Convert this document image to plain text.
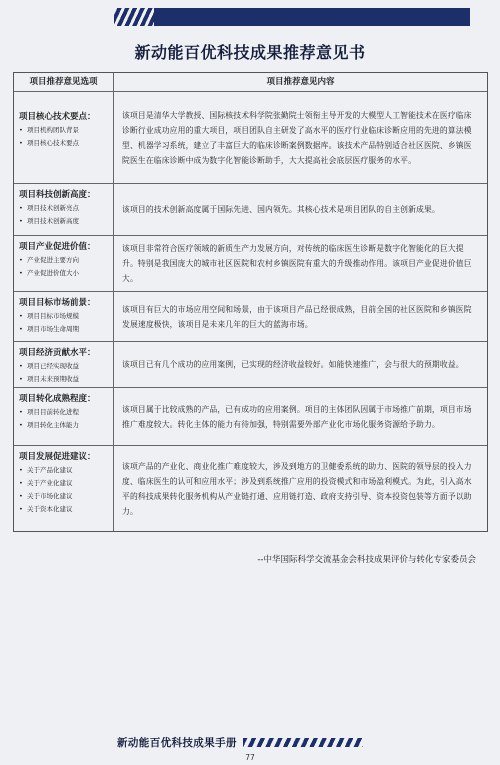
新动能百优科技成果推荐意见书
项目推荐意见选项	项目推荐意见内容
项目核心技术要点：
• 项目机构团队背景
• 项目核心技术要点
该项目是清华大学教授、国际核技术科学院张勤院士领衔主导开发的大模型人工智能技术在医疗临床诊断行业成功应用的重大项目，项目团队自主研发了高水平的医疗行业临床诊断应用的先进的算法模型、机器学习系统，建立了丰富巨大的临床诊断案例数据库。该技术产品特别适合社区医院、乡镇医院医生在临床诊断中成为数字化智能诊断助手，大大提高社会底层医疗服务的水平。
项目科技创新高度：
• 项目技术创新亮点
• 项目技术创新高度
该项目的技术创新高度属于国际先进、国内领先。其核心技术是项目团队的自主创新成果。
项目产业促进价值：
• 产业促进主要方向
• 产业促进价值大小
该项目非常符合医疗领域的新质生产力发展方向，对传统的临床医生诊断是数字化智能化的巨大提升。特别是我国庞大的城市社区医院和农村乡镇医院有重大的升级推动作用。该项目产业促进价值巨大。
项目目标市场前景：
• 项目目标市场规模
• 项目市场生命周期
该项目有巨大的市场应用空间和场景，由于该项目产品已经很成熟，目前全国的社区医院和乡镇医院发展速度极快，该项目是未来几年的巨大的蓝海市场。
项目经济贡献水平：
• 项目已经实现收益
• 项目未来预期收益
该项目已有几个成功的应用案例，已实现的经济收益较好。如能快速推广，会与很大的预期收益。
项目转化成熟程度：
• 项目目前转化进程
• 项目转化主体能力
该项目属于比较成熟的产品，已有成功的应用案例。项目的主体团队因属于市场推广前期，项目市场推广难度较大。转化主体的能力有待加强，特别需要外部产业化市场化服务资源给予助力。
项目发展促进建议：
• 关于产品化建议
• 关于产业化建议
• 关于市场化建议
• 关于资本化建议
该项产品的产业化、商业化推广难度较大，涉及到地方的卫健委系统的助力、医院的领导层的投入力度、临床医生的认可和应用水平；涉及到系统推广应用的投资模式和市场盈利模式。为此，引入高水平的科技成果转化服务机构从产业链打通、应用链打造、政府支持引导、资本投资包装等方面予以助力。
--中华国际科学交流基金会科技成果评价与转化专家委员会
新动能百优科技成果手册
77
